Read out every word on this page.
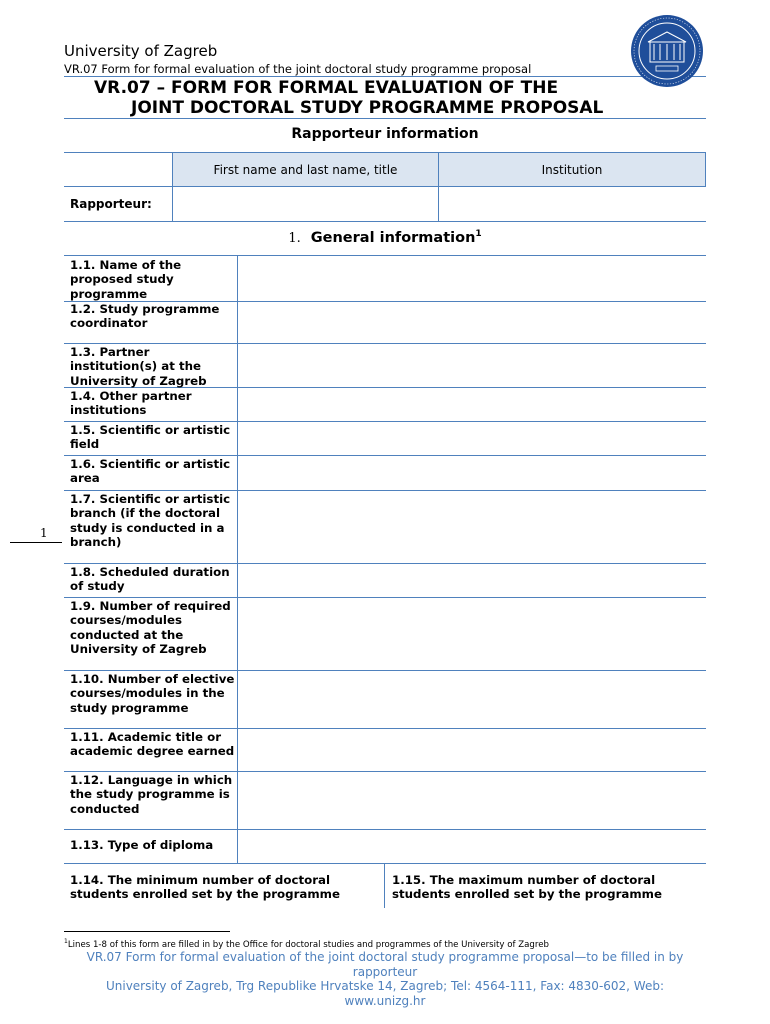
University of Zagreb
VR.07 Form for formal evaluation of the joint doctoral study programme proposal
VR.07 – FORM FOR FORMAL EVALUATION OF THE
JOINT DOCTORAL STUDY PROGRAMME PROPOSAL
Rapporteur information
First name and last name, title	Institution
Rapporteur:
1. General information$^1$
1.1. Name of the proposed study programme
1.2. Study programme coordinator
1.3. Partner institution(s) at the University of Zagreb
1.4. Other partner institutions
1.5. Scientific or artistic field
1.6. Scientific or artistic area
1.7. Scientific or artistic branch (if the doctoral study is conducted in a branch)
1.8. Scheduled duration of study
1.9. Number of required courses/modules conducted at the University of Zagreb
1.10. Number of elective courses/modules in the study programme
1.11. Academic title or academic degree earned
1.12. Language in which the study programme is conducted
1.13. Type of diploma
1.14. The minimum number of doctoral students enrolled set by the programme
1.15. The maximum number of doctoral students enrolled set by the programme
1
$^1$Lines 1-8 of this form are filled in by the Office for doctoral studies and programmes of the University of Zagreb
VR.07 Form for formal evaluation of the joint doctoral study programme proposal—to be filled in by rapporteur
University of Zagreb, Trg Republike Hrvatske 14, Zagreb; Tel: 4564-111, Fax: 4830-602, Web: www.unizg.hr
